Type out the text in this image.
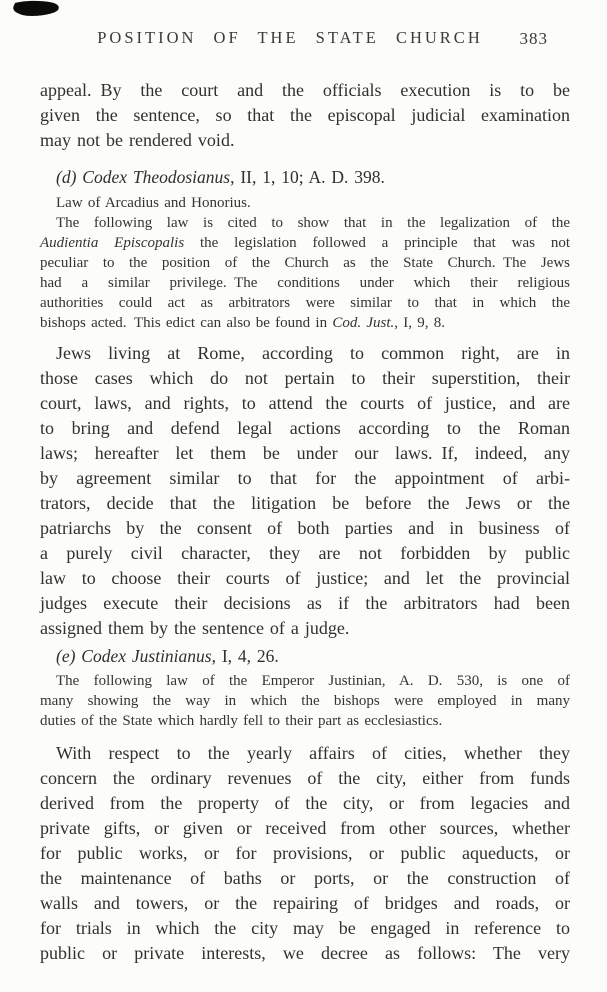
POSITION OF THE STATE CHURCH	383
appeal. By the court and the officials execution is to be
given the sentence, so that the episcopal judicial examination
may not be rendered void.
(d) Codex Theodosianus, II, 1, 10; A. D. 398.
Law of Arcadius and Honorius.
The following law is cited to show that in the legalization of the
Audientia Episcopalis the legislation followed a principle that was not
peculiar to the position of the Church as the State Church. The Jews
had a similar privilege. The conditions under which their religious
authorities could act as arbitrators were similar to that in which the
bishops acted. This edict can also be found in Cod. Just., I, 9, 8.
Jews living at Rome, according to common right, are in
those cases which do not pertain to their superstition, their
court, laws, and rights, to attend the courts of justice, and are
to bring and defend legal actions according to the Roman
laws; hereafter let them be under our laws. If, indeed, any
by agreement similar to that for the appointment of arbi-
trators, decide that the litigation be before the Jews or the
patriarchs by the consent of both parties and in business of
a purely civil character, they are not forbidden by public
law to choose their courts of justice; and let the provincial
judges execute their decisions as if the arbitrators had been
assigned them by the sentence of a judge.
(e) Codex Justinianus, I, 4, 26.
The following law of the Emperor Justinian, A. D. 530, is one of
many showing the way in which the bishops were employed in many
duties of the State which hardly fell to their part as ecclesiastics.
With respect to the yearly affairs of cities, whether they
concern the ordinary revenues of the city, either from funds
derived from the property of the city, or from legacies and
private gifts, or given or received from other sources, whether
for public works, or for provisions, or public aqueducts, or
the maintenance of baths or ports, or the construction of
walls and towers, or the repairing of bridges and roads, or
for trials in which the city may be engaged in reference to
public or private interests, we decree as follows: The very
